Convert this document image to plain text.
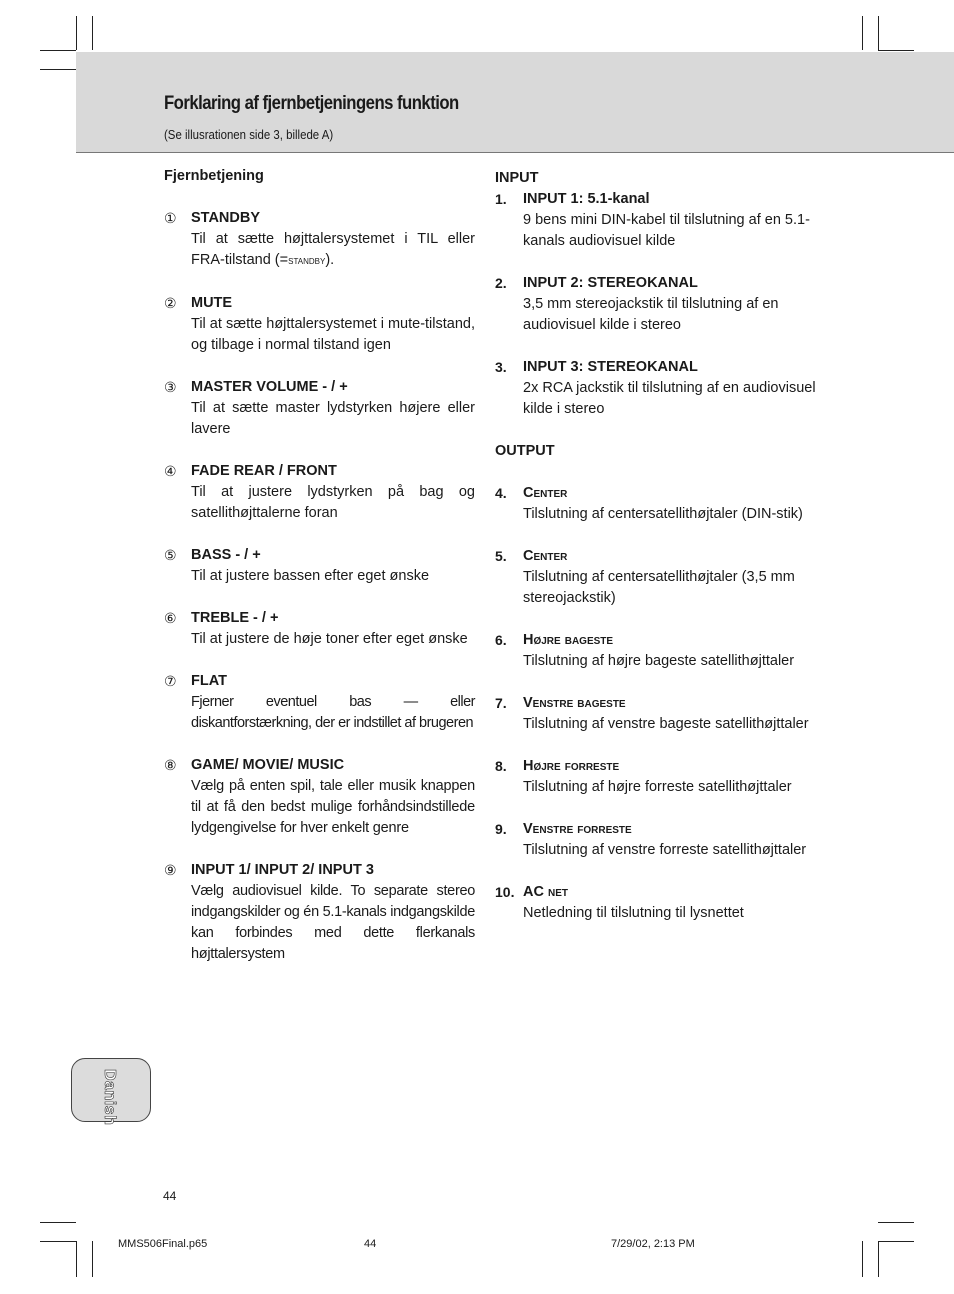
Forklaring af fjernbetjeningens funktion
(Se illusrationen side 3, billede A)
Fjernbetjening
① STANDBY
Til at sætte højttalersystemet i TIL eller FRA-tilstand (=standby).
② MUTE
Til at sætte højttalersystemet i mute-tilstand, og tilbage i normal tilstand igen
③ MASTER VOLUME - / +
Til at sætte master lydstyrken højere eller lavere
④ FADE REAR / FRONT
Til at justere lydstyrken på bag og satellithøjttalerne foran
⑤ BASS - / +
Til at justere bassen efter eget ønske
⑥ TREBLE - / +
Til at justere de høje toner efter eget ønske
⑦ FLAT
Fjerner eventuel bas — eller diskantforstærkning, der er indstillet af brugeren
⑧ GAME/ MOVIE/ MUSIC
Vælg på enten spil, tale eller musik knappen til at få den bedst mulige forhåndsindstillede lydgengivelse for hver enkelt genre
⑨ INPUT 1/ INPUT 2/ INPUT 3
Vælg audiovisuel kilde. To separate stereo indgangskilder og én 5.1-kanals indgangskilde kan forbindes med dette flerkanals højttalersystem
INPUT
1. INPUT 1: 5.1-kanal
9 bens mini DIN-kabel til tilslutning af en 5.1-kanals audiovisuel kilde
2. INPUT 2: STEREOKANAL
3,5 mm stereojackstik til tilslutning af en audiovisuel kilde i stereo
3. INPUT 3: STEREOKANAL
2x RCA jackstik til tilslutning af en audiovisuel kilde i stereo
OUTPUT
4. Center
Tilslutning af centersatellithøjtaler (DIN-stik)
5. Center
Tilslutning af centersatellithøjtaler (3,5 mm stereojackstik)
6. Højre bageste
Tilslutning af højre bageste satellithøjttaler
7. Venstre bageste
Tilslutning af venstre bageste satellithøjttaler
8. Højre forreste
Tilslutning af højre forreste satellithøjttaler
9. Venstre forreste
Tilslutning af venstre forreste satellithøjttaler
10. AC net
Netledning til tilslutning til lysnettet
Danish
44
MMS506Final.p65	44	7/29/02, 2:13 PM
